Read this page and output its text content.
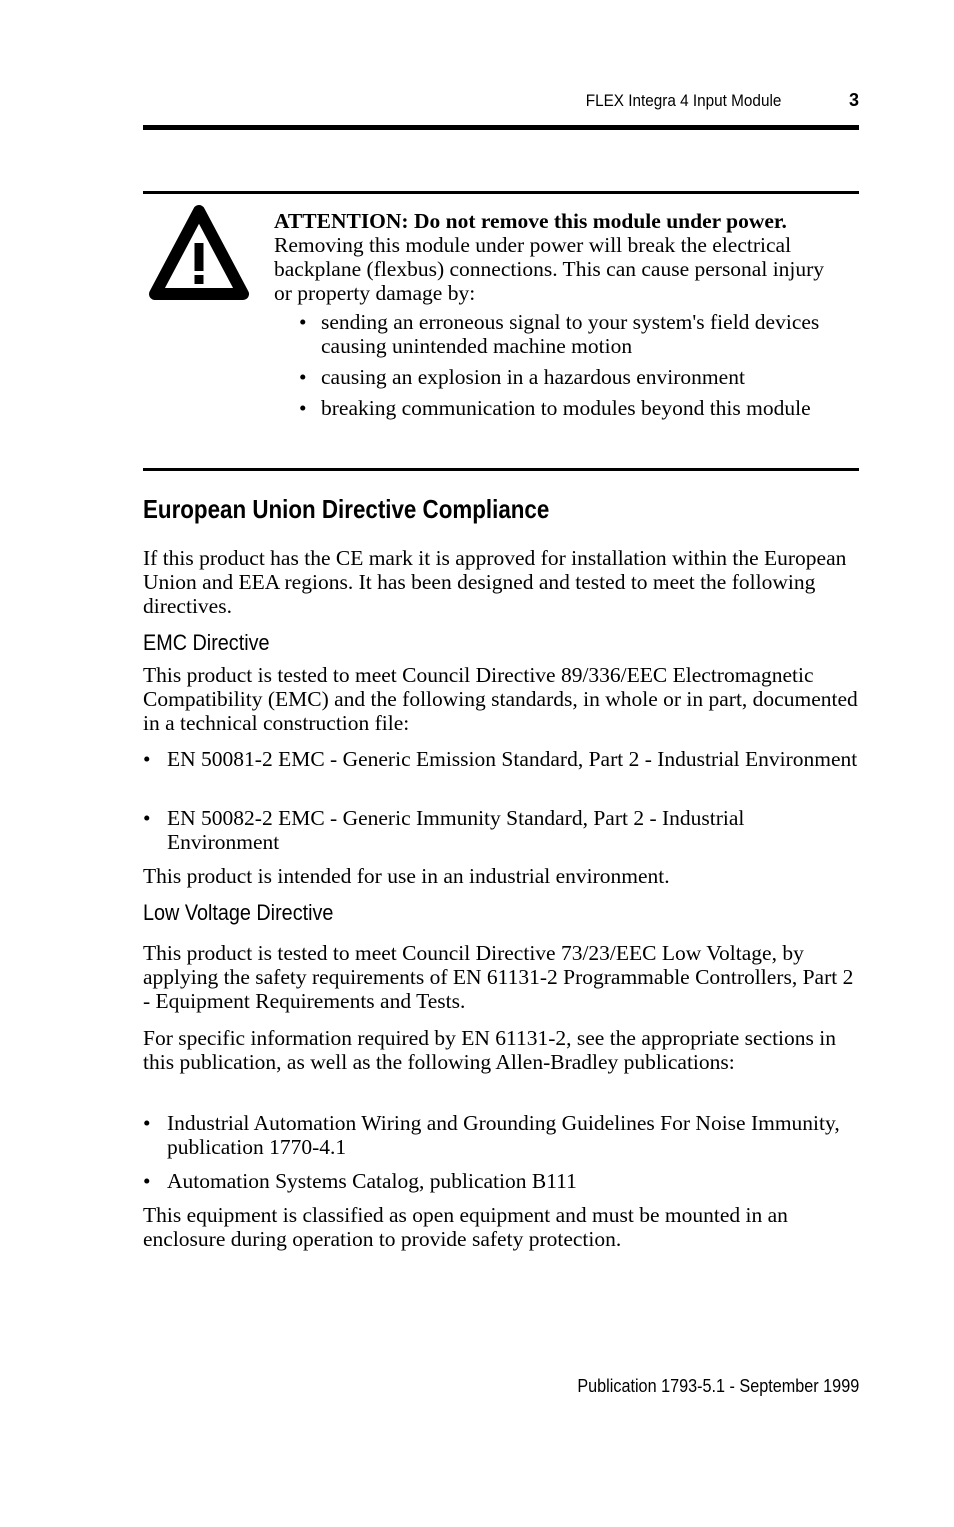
FLEX Integra 4 Input Module	3

ATTENTION: Do not remove this module under power. Removing this module under power will break the electrical backplane (flexbus) connections. This can cause personal injury or property damage by:

• sending an erroneous signal to your system's field devices causing unintended machine motion
• causing an explosion in a hazardous environment
• breaking communication to modules beyond this module
European Union Directive Compliance

If this product has the CE mark it is approved for installation within the European Union and EEA regions. It has been designed and tested to meet the following directives.

EMC Directive

This product is tested to meet Council Directive 89/336/EEC Electromagnetic Compatibility (EMC) and the following standards, in whole or in part, documented in a technical construction file:

• EN 50081-2 EMC - Generic Emission Standard, Part 2 - Industrial Environment
• EN 50082-2 EMC - Generic Immunity Standard, Part 2 - Industrial Environment

This product is intended for use in an industrial environment.

Low Voltage Directive

This product is tested to meet Council Directive 73/23/EEC Low Voltage, by applying the safety requirements of EN 61131-2 Programmable Controllers, Part 2 - Equipment Requirements and Tests.

For specific information required by EN 61131-2, see the appropriate sections in this publication, as well as the following Allen-Bradley publications:

• Industrial Automation Wiring and Grounding Guidelines For Noise Immunity, publication 1770-4.1
• Automation Systems Catalog, publication B111

This equipment is classified as open equipment and must be mounted in an enclosure during operation to provide safety protection.

Publication 1793-5.1 - September 1999
